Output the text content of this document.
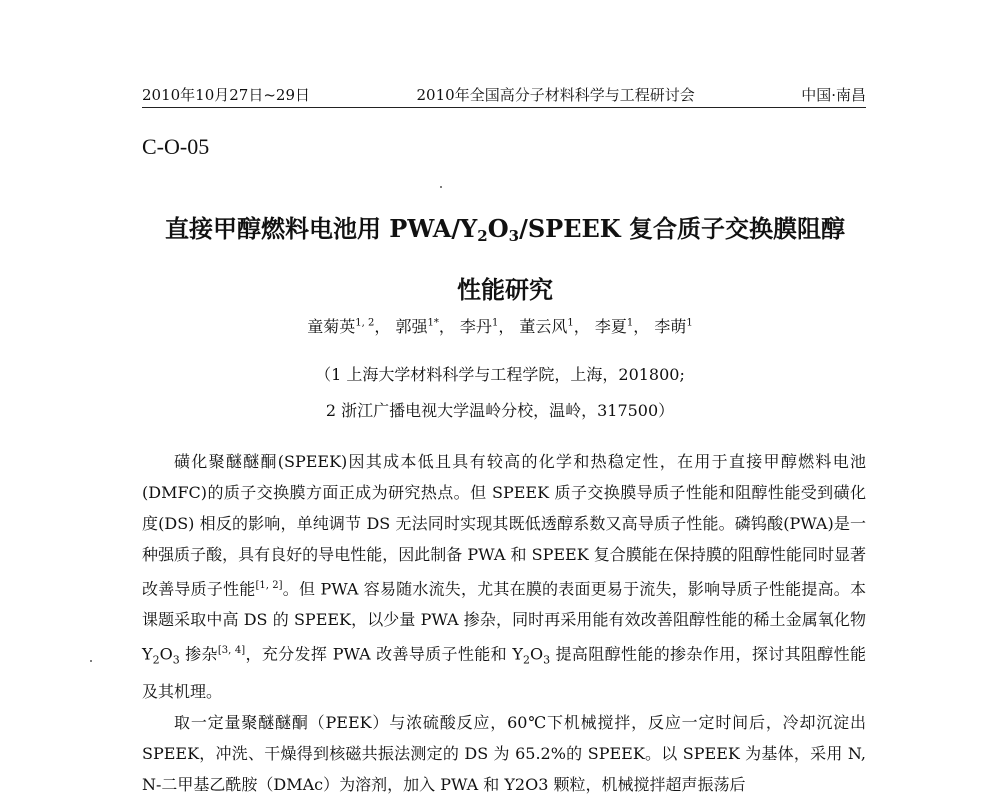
2010年10月27日~29日	2010年全国高分子材料科学与工程研讨会	中国·南昌
C-O-05
直接甲醇燃料电池用 PWA/$Y_2O_3$/SPEEK 复合质子交换膜阻醇
性能研究
童菊英$^{1, 2}$， 郭强$^{1*}$， 李丹$^1$， 董云风$^1$， 李夏$^1$， 李萌$^1$
（1 上海大学材料科学与工程学院，上海，201800;
2 浙江广播电视大学温岭分校，温岭，317500）

磺化聚醚醚酮(SPEEK)因其成本低且具有较高的化学和热稳定性，在用于直接甲醇燃料电池(DMFC)的质子交换膜方面正成为研究热点。但 SPEEK 质子交换膜导质子性能和阻醇性能受到磺化度(DS) 相反的影响，单纯调节 DS 无法同时实现其既低透醇系数又高导质子性能。磷钨酸(PWA)是一种强质子酸，具有良好的导电性能，因此制备 PWA 和 SPEEK 复合膜能在保持膜的阻醇性能同时显著改善导质子性能[1, 2]。但 PWA 容易随水流失，尤其在膜的表面更易于流失，影响导质子性能提高。本课题采取中高 DS 的 SPEEK，以少量 PWA 掺杂，同时再采用能有效改善阻醇性能的稀土金属氧化物 $Y_2O_3$ 掺杂[3, 4]，充分发挥 PWA 改善导质子性能和 $Y_2O_3$ 提高阻醇性能的掺杂作用，探讨其阻醇性能及其机理。

取一定量聚醚醚酮（PEEK）与浓硫酸反应，60℃下机械搅拌，反应一定时间后，冷却沉淀出 SPEEK，冲洗、干燥得到核磁共振法测定的 DS 为 65.2%的 SPEEK。以 SPEEK 为基体，采用 N, N-二甲基乙酰胺（DMAc）为溶剂，加入 PWA 和 Y2O3 颗粒，机械搅拌超声振荡后
